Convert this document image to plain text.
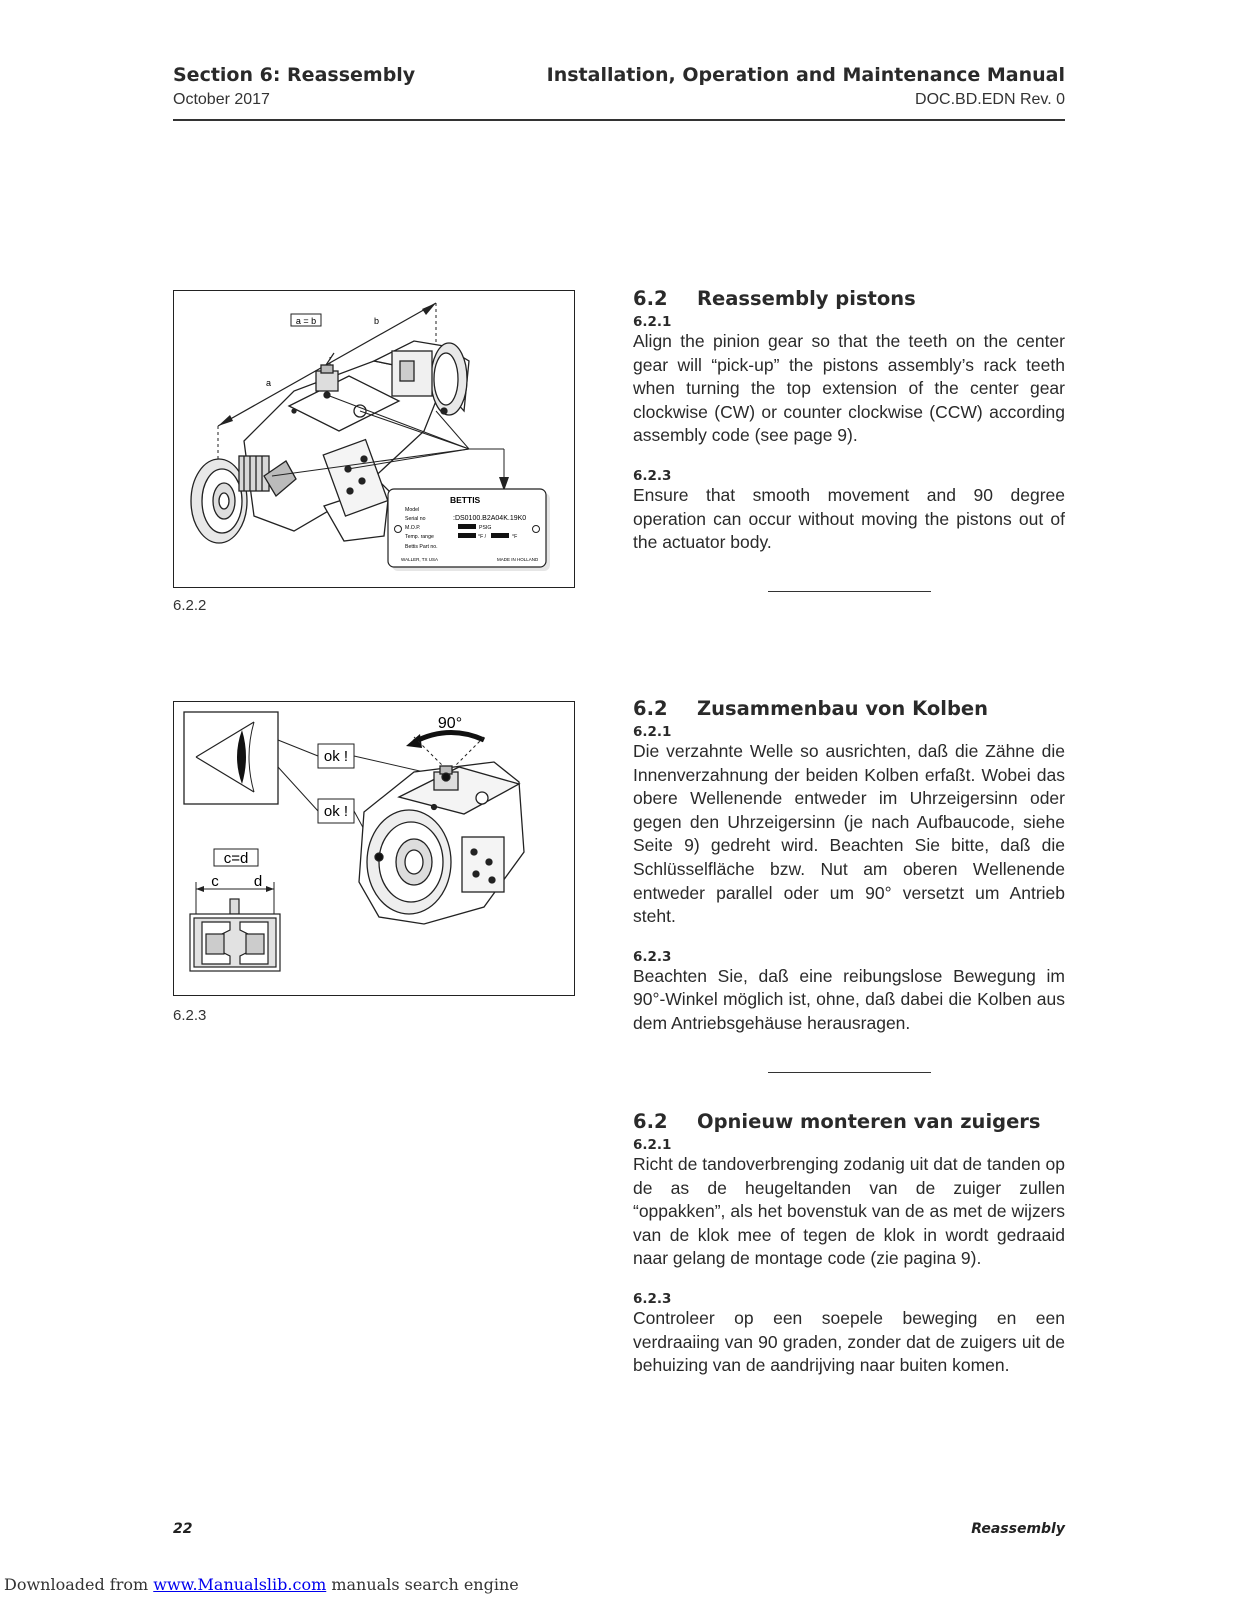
Section 6: Reassembly
October 2017
Installation, Operation and Maintenance Manual
DOC.BD.EDN Rev. 0
a = b	b
a
BETTIS
Model
Serial no
M.O.P.
Temp. range
Bettis Part no.
:DS0100.B2A04K.19K0
PSIG
°F /	°F
WALLER, TX USA	MADE IN HOLLAND
6.2.2
ok !
ok !
90°
c=d
c d
6.2.3
6.2	Reassembly pistons
6.2.1

Align the pinion gear so that the teeth on the center gear will “pick-up” the pistons assembly’s rack teeth when turning the top extension of the center gear clockwise (CW) or counter clockwise (CCW) according assembly code (see page 9).

6.2.3

Ensure that smooth movement and 90 degree operation can occur without moving the pistons out of the actuator body.

6.2	Zusammenbau von Kolben
6.2.1

Die verzahnte Welle so ausrichten, daß die Zähne die Innenverzahnung der beiden Kolben erfaßt. Wobei das obere Wellenende entweder im Uhrzeigersinn oder gegen den Uhrzeigersinn (je nach Aufbaucode, siehe Seite 9) gedreht wird. Beachten Sie bitte, daß die Schlüsselfläche bzw. Nut am oberen Wellenende entweder parallel oder um 90° versetzt um Antrieb steht.

6.2.3

Beachten Sie, daß eine reibungslose Bewegung im 90°-Winkel möglich ist, ohne, daß dabei die Kolben aus dem Antriebsgehäuse herausragen.

6.2	Opnieuw monteren van zuigers
6.2.1

Richt de tandoverbrenging zodanig uit dat de tanden op de as de heugeltanden van de zuiger zullen “oppakken”, als het bovenstuk van de as met de wijzers van de klok mee of tegen de klok in wordt gedraaid naar gelang de montage code (zie pagina 9).

6.2.3

Controleer op een soepele beweging en een verdraaiing van 90 graden, zonder dat de zuigers uit de behuizing van de aandrijving naar buiten komen.

22	Reassembly
Downloaded from www.Manualslib.com manuals search engine
